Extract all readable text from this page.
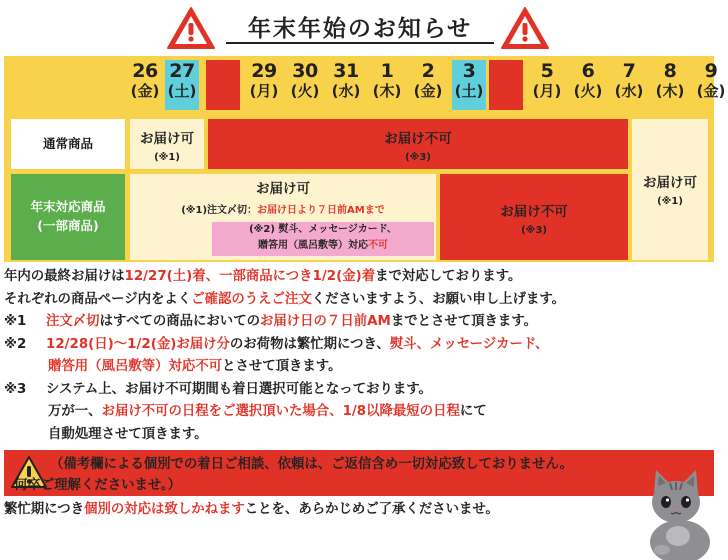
年末年始のお知らせ
26
(金)
27
(土)
28
(日)
29
(月)
30
(火)
31
(水)
1
(木)
2
(金)
3
(土)
4
(日)
5
(月)
6
(火)
7
(水)
8
(木)
9
(金)
通常商品	お届け可
(※1)
お届け不可
(※3)
年末対応商品
(一部商品)
お届け可
(※1)注文〆切：お届け日より７日前AMまで
(※2) 熨斗、メッセージカード、
贈答用（風呂敷等）対応不可
お届け不可
(※3)
お届け可
(※1)
年内の最終お届けは12/27(土)着、一部商品につき1/2(金)着まで対応しております。
それぞれの商品ページ内をよくご確認のうえご注文くださいますよう、お願い申し上げます。
※1 注文〆切はすべての商品においてのお届け日の７日前AMまでとさせて頂きます。
※2 12/28(日)〜1/2(金)お届け分のお荷物は繁忙期につき、熨斗、メッセージカード、
贈答用（風呂敷等）対応不可とさせて頂きます。
※3 システム上、お届け不可期間も着日選択可能となっております。
万が一、お届け不可の日程をご選択頂いた場合、1/8以降最短の日程にて
自動処理させて頂きます。
（備考欄による個別での着日ご相談、依頼は、ご返信含め一切対応致しておりません。
何卒ご理解くださいませ。）
繁忙期につき個別の対応は致しかねますことを、あらかじめご了承くださいませ。
